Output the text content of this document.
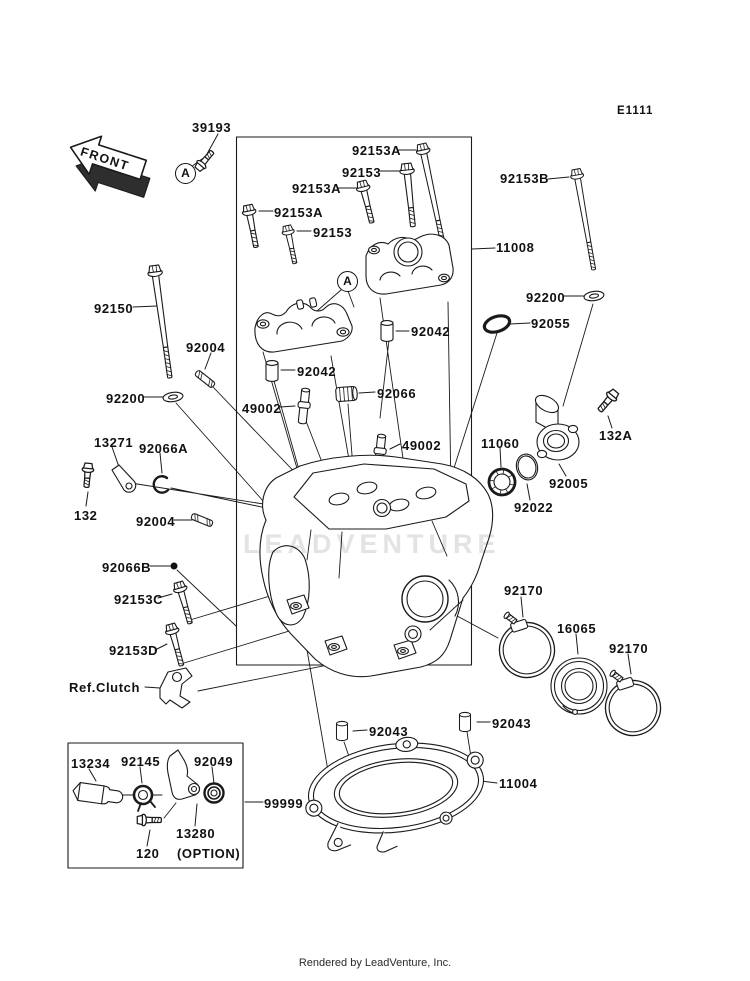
FRONT
LEADVENTURE
E1111
39193
92153A
92153
92153A
92153A
92153
92153B
11008
92200
92055
92150
92004
92042
92042
92066
92200
49002
49002	11060
132A
92005
92022
13271 92066A
132	92004
92066B
92153C
92153D
Ref.Clutch
92170
16065
92170
92043
92043
11004
99999
13234 92145	92049
13280
120 (OPTION)
A
A
Rendered by LeadVenture, Inc.
